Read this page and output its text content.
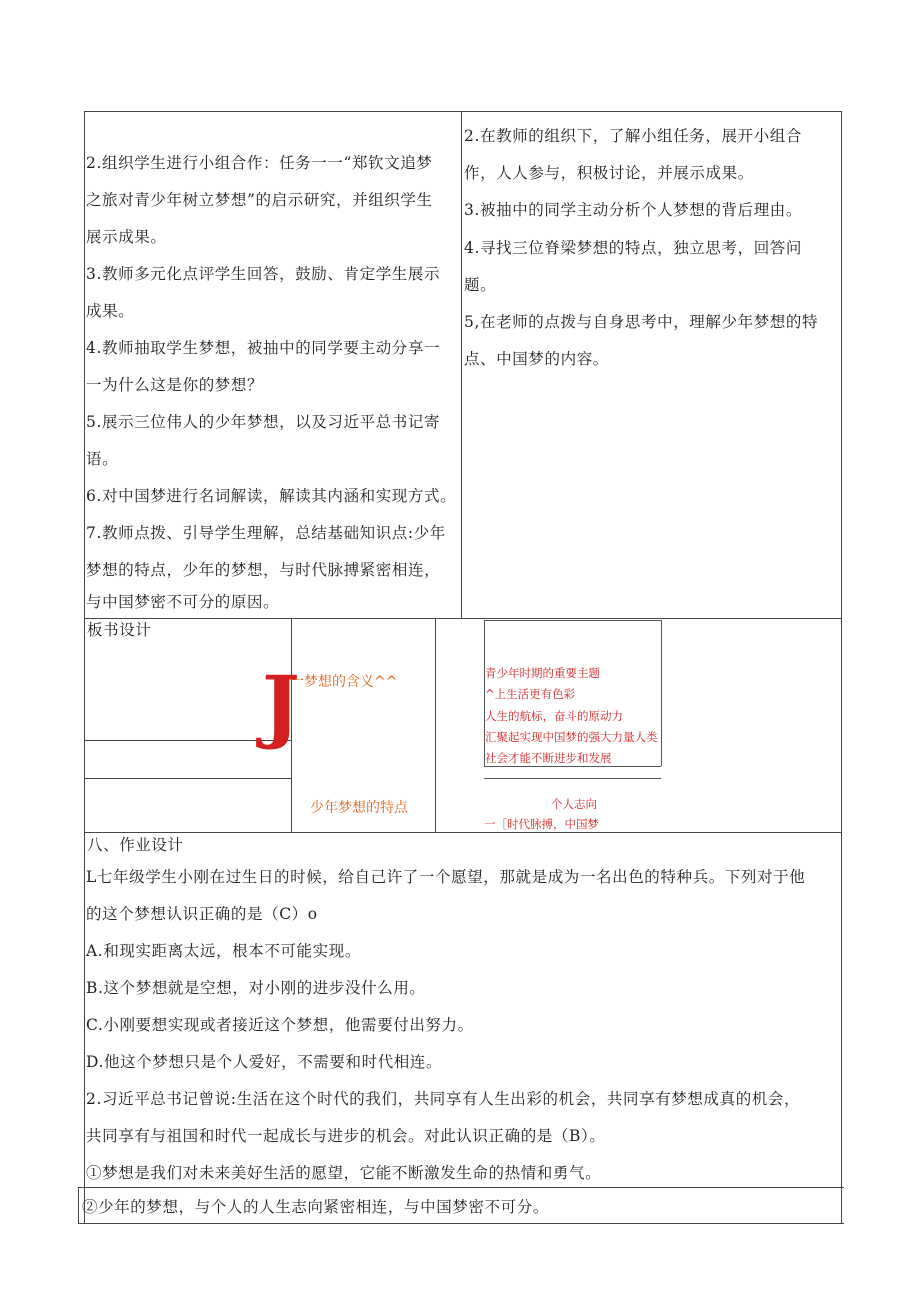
2.组织学生进行小组合作：任务一一“郑钦文追梦
之旅对青少年树立梦想”的启示研究，并组织学生
展示成果。
3.教师多元化点评学生回答，鼓励、肯定学生展示
成果。
4.教师抽取学生梦想，被抽中的同学要主动分享一
一为什么这是你的梦想？
5.展示三位伟人的少年梦想，以及习近平总书记寄
语。
6.对中国梦进行名词解读，解读其内涵和实现方式。
7.教师点拨、引导学生理解，总结基础知识点:少年
梦想的特点，少年的梦想，与时代脉搏紧密相连，
与中国梦密不可分的原因。
2.在教师的组织下，了解小组任务，展开小组合
作，人人参与，积极讨论，并展示成果。
3.被抽中的同学主动分析个人梦想的背后理由。
4.寻找三位脊梁梦想的特点，独立思考，回答问
题。
5,在老师的点拨与自身思考中，理解少年梦想的特
点、中国梦的内容。
板书设计
J
一梦想的含义^^
少年梦想的特点
青少年时期的重要主题
^上生活更有色彩
人生的航标，奋斗的原动力
汇聚起实现中国梦的强大力量人类
社会才能不断进步和发展
个人志向
一［时代脉搏，中国梦
八、作业设计
L七年级学生小刚在过生日的时候，给自己许了一个愿望，那就是成为一名出色的特种兵。下列对于他
的这个梦想认识正确的是（C）o
A.和现实距离太远，根本不可能实现。
B.这个梦想就是空想，对小刚的进步没什么用。
C.小刚要想实现或者接近这个梦想，他需要付出努力。
D.他这个梦想只是个人爱好，不需要和时代相连。
2.习近平总书记曾说:生活在这个时代的我们，共同享有人生出彩的机会，共同享有梦想成真的机会，
共同享有与祖国和时代一起成长与进步的机会。对此认识正确的是（B）。
①梦想是我们对未来美好生活的愿望，它能不断激发生命的热情和勇气。
②少年的梦想，与个人的人生志向紧密相连，与中国梦密不可分。
